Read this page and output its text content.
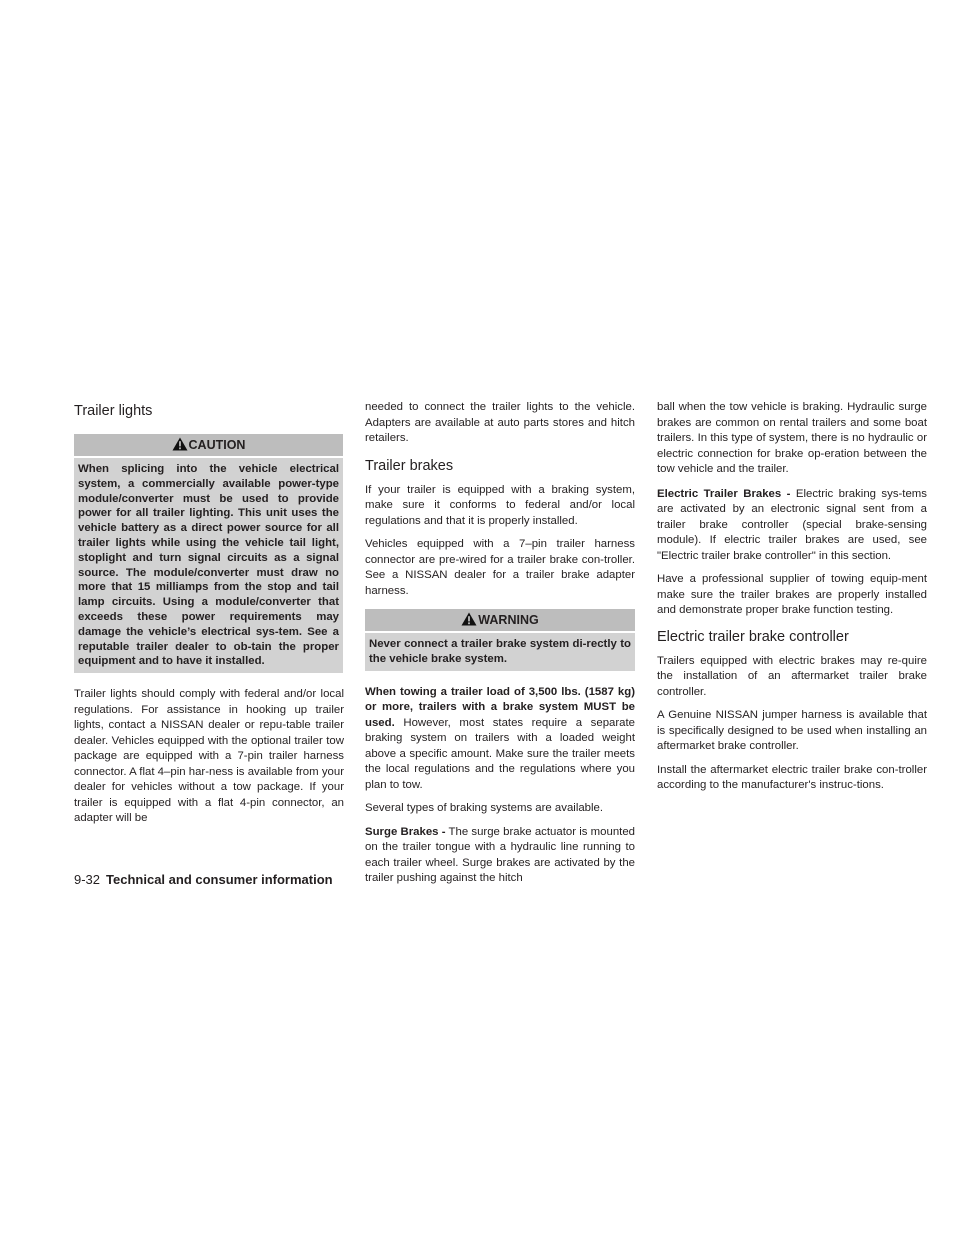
Trailer lights
CAUTION
When splicing into the vehicle electrical system, a commercially available power-type module/converter must be used to provide power for all trailer lighting. This unit uses the vehicle battery as a direct power source for all trailer lights while using the vehicle tail light, stoplight and turn signal circuits as a signal source. The module/converter must draw no more that 15 milliamps from the stop and tail lamp circuits. Using a module/converter that exceeds these power requirements may damage the vehicle’s electrical sys-tem. See a reputable trailer dealer to ob-tain the proper equipment and to have it installed.

Trailer lights should comply with federal and/or local regulations. For assistance in hooking up trailer lights, contact a NISSAN dealer or repu-table trailer dealer. Vehicles equipped with the optional trailer tow package are equipped with a 7-pin trailer harness connector. A flat 4–pin har-ness is available from your dealer for vehicles without a tow package. If your trailer is equipped with a flat 4-pin connector, an adapter will be

needed to connect the trailer lights to the vehicle. Adapters are available at auto parts stores and hitch retailers.

Trailer brakes

If your trailer is equipped with a braking system, make sure it conforms to federal and/or local regulations and that it is properly installed.

Vehicles equipped with a 7–pin trailer harness connector are pre-wired for a trailer brake con-troller. See a NISSAN dealer for a trailer brake adapter harness.

WARNING
Never connect a trailer brake system di-rectly to the vehicle brake system.

When towing a trailer load of 3,500 lbs. (1587 kg) or more, trailers with a brake system MUST be used. However, most states require a separate braking system on trailers with a loaded weight above a specific amount. Make sure the trailer meets the local regulations and the regulations where you plan to tow.

Several types of braking systems are available.

Surge Brakes - The surge brake actuator is mounted on the trailer tongue with a hydraulic line running to each trailer wheel. Surge brakes are activated by the trailer pushing against the hitch

ball when the tow vehicle is braking. Hydraulic surge brakes are common on rental trailers and some boat trailers. In this type of system, there is no hydraulic or electric connection for brake op-eration between the tow vehicle and the trailer.

Electric Trailer Brakes - Electric braking sys-tems are activated by an electronic signal sent from a trailer brake controller (special brake-sensing module). If electric trailer brakes are used, see "Electric trailer brake controller" in this section.

Have a professional supplier of towing equip-ment make sure the trailer brakes are properly installed and demonstrate proper brake function testing.

Electric trailer brake controller

Trailers equipped with electric brakes may re-quire the installation of an aftermarket trailer brake controller.

A Genuine NISSAN jumper harness is available that is specifically designed to be used when installing an aftermarket brake controller.

Install the aftermarket electric trailer brake con-troller according to the manufacturer's instruc-tions.

9-32 Technical and consumer information
